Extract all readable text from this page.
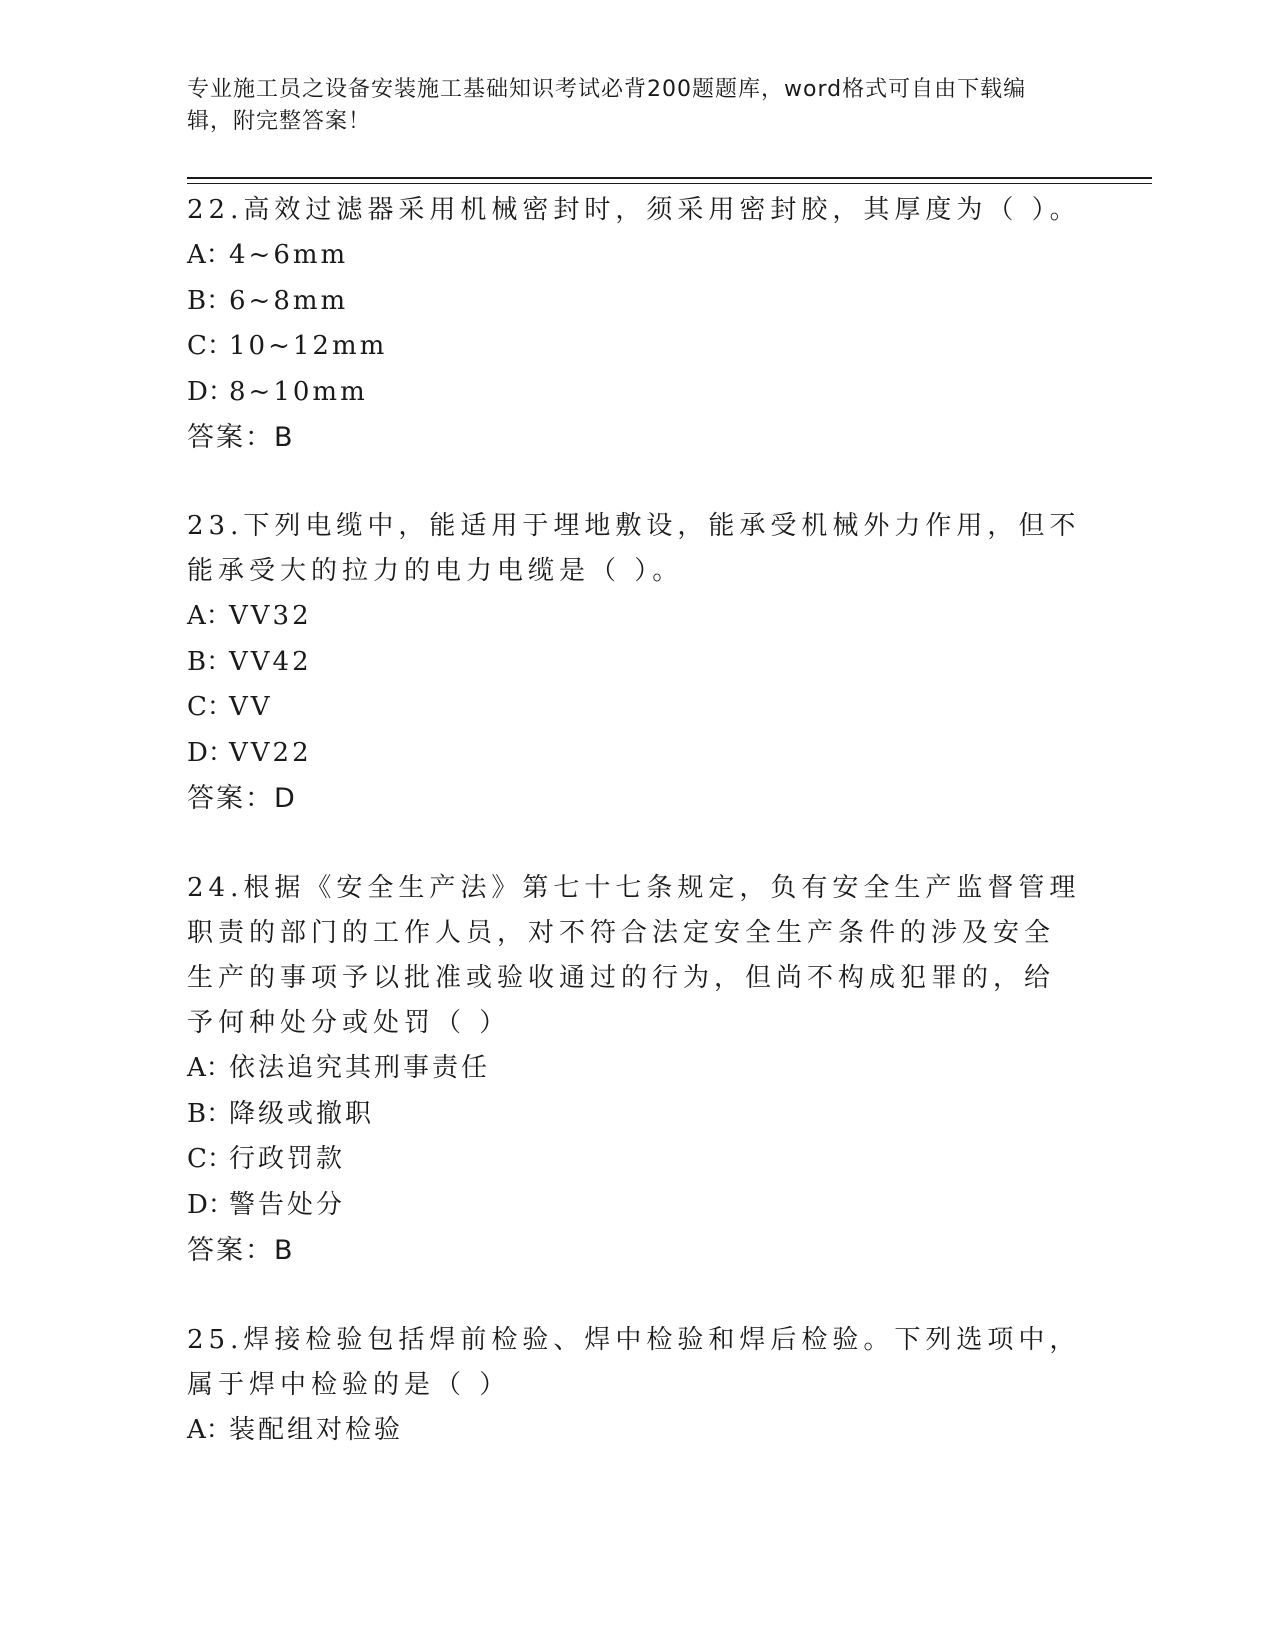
专业施工员之设备安装施工基础知识考试必背200题题库，word格式可自由下载编辑，附完整答案！

22.高效过滤器采用机械密封时，须采用密封胶，其厚度为（ ）。

A：4~6mm

B：6~8mm

C：10~12mm

D：8~10mm

答案：B

23.下列电缆中，能适用于埋地敷设，能承受机械外力作用，但不能承受大的拉力的电力电缆是（ ）。

A：VV32

B：VV42

C：VV

D：VV22

答案：D

24.根据《安全生产法》第七十七条规定，负有安全生产监督管理职责的部门的工作人员，对不符合法定安全生产条件的涉及安全生产的事项予以批准或验收通过的行为，但尚不构成犯罪的，给予何种处分或处罚（ ）

A：依法追究其刑事责任

B：降级或撤职

C：行政罚款

D：警告处分

答案：B

25.焊接检验包括焊前检验、焊中检验和焊后检验。下列选项中，属于焊中检验的是（ ）

A：装配组对检验
